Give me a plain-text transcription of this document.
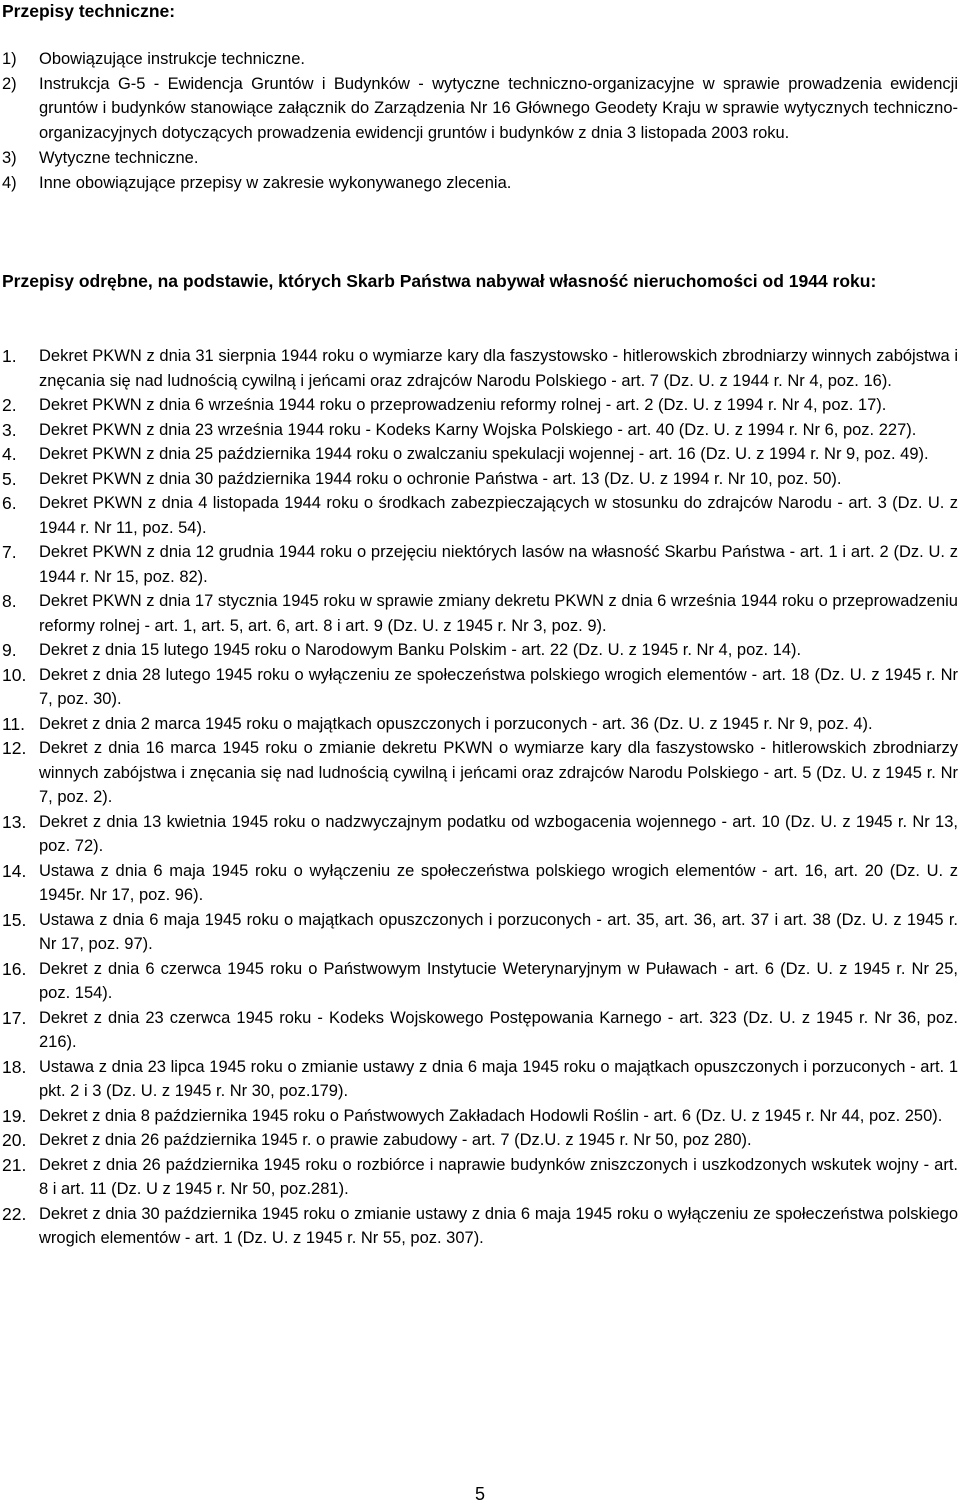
Przepisy techniczne:
1) Obowiązujące instrukcje techniczne.
2) Instrukcja G-5 - Ewidencja Gruntów i Budynków - wytyczne techniczno-organizacyjne w sprawie prowadzenia ewidencji gruntów i budynków stanowiące załącznik do Zarządzenia Nr 16 Głównego Geodety Kraju w sprawie wytycznych techniczno-organizacyjnych dotyczących prowadzenia ewidencji gruntów i budynków z dnia 3 listopada 2003 roku.
3) Wytyczne techniczne.
4) Inne obowiązujące przepisy w zakresie wykonywanego zlecenia.
Przepisy odrębne, na podstawie, których Skarb Państwa nabywał własność nieruchomości od 1944 roku:
1. Dekret PKWN z dnia 31 sierpnia 1944 roku o wymiarze kary dla faszystowsko - hitlerowskich zbrodniarzy winnych zabójstwa i znęcania się nad ludnością cywilną i jeńcami oraz zdrajców Narodu Polskiego - art. 7 (Dz. U. z 1944 r. Nr 4, poz. 16).
2. Dekret PKWN z dnia 6 września 1944 roku o przeprowadzeniu reformy rolnej - art. 2 (Dz. U. z 1994 r. Nr 4, poz. 17).
3. Dekret PKWN z dnia 23 września 1944 roku - Kodeks Karny Wojska Polskiego - art. 40 (Dz. U. z 1994 r. Nr 6, poz. 227).
4. Dekret PKWN z dnia 25 października 1944 roku o zwalczaniu spekulacji wojennej - art. 16 (Dz. U. z 1994 r. Nr 9, poz. 49).
5. Dekret PKWN z dnia 30 października 1944 roku o ochronie Państwa - art. 13 (Dz. U. z 1994 r. Nr 10, poz. 50).
6. Dekret PKWN z dnia 4 listopada 1944 roku o środkach zabezpieczających w stosunku do zdrajców Narodu - art. 3 (Dz. U. z 1944 r. Nr 11, poz. 54).
7. Dekret PKWN z dnia 12 grudnia 1944 roku o przejęciu niektórych lasów na własność Skarbu Państwa - art. 1 i art. 2 (Dz. U. z 1944 r. Nr 15, poz. 82).
8. Dekret PKWN z dnia 17 stycznia 1945 roku w sprawie zmiany dekretu PKWN z dnia 6 września 1944 roku o przeprowadzeniu reformy rolnej - art. 1, art. 5, art. 6, art. 8 i art. 9 (Dz. U. z 1945 r. Nr 3, poz. 9).
9. Dekret z dnia 15 lutego 1945 roku o Narodowym Banku Polskim - art. 22 (Dz. U. z 1945 r. Nr 4, poz. 14).
10. Dekret z dnia 28 lutego 1945 roku o wyłączeniu ze społeczeństwa polskiego wrogich elementów - art. 18 (Dz. U. z 1945 r. Nr 7, poz. 30).
11. Dekret z dnia 2 marca 1945 roku o majątkach opuszczonych i porzuconych - art. 36 (Dz. U. z 1945 r. Nr 9, poz. 4).
12. Dekret z dnia 16 marca 1945 roku o zmianie dekretu PKWN o wymiarze kary dla faszystowsko - hitlerowskich zbrodniarzy winnych zabójstwa i znęcania się nad ludnością cywilną i jeńcami oraz zdrajców Narodu Polskiego - art. 5 (Dz. U. z 1945 r. Nr 7, poz. 2).
13. Dekret z dnia 13 kwietnia 1945 roku o nadzwyczajnym podatku od wzbogacenia wojennego - art. 10 (Dz. U. z 1945 r. Nr 13, poz. 72).
14. Ustawa z dnia 6 maja 1945 roku o wyłączeniu ze społeczeństwa polskiego wrogich elementów - art. 16, art. 20 (Dz. U. z 1945r. Nr 17, poz. 96).
15. Ustawa z dnia 6 maja 1945 roku o majątkach opuszczonych i porzuconych - art. 35, art. 36, art. 37 i art. 38 (Dz. U. z 1945 r. Nr 17, poz. 97).
16. Dekret z dnia 6 czerwca 1945 roku o Państwowym Instytucie Weterynaryjnym w Puławach - art. 6 (Dz. U. z 1945 r. Nr 25, poz. 154).
17. Dekret z dnia 23 czerwca 1945 roku - Kodeks Wojskowego Postępowania Karnego - art. 323 (Dz. U. z 1945 r. Nr 36, poz. 216).
18. Ustawa z dnia 23 lipca 1945 roku o zmianie ustawy z dnia 6 maja 1945 roku o majątkach opuszczonych i porzuconych - art. 1 pkt. 2 i 3 (Dz. U. z 1945 r. Nr 30, poz.179).
19. Dekret z dnia 8 października 1945 roku o Państwowych Zakładach Hodowli Roślin - art. 6 (Dz. U. z 1945 r. Nr 44, poz. 250).
20. Dekret z dnia 26 października 1945 r. o prawie zabudowy - art. 7 (Dz.U. z 1945 r. Nr 50, poz 280).
21. Dekret z dnia 26 października 1945 roku o rozbiórce i naprawie budynków zniszczonych i uszkodzonych wskutek wojny - art. 8 i art. 11 (Dz. U z 1945 r. Nr 50, poz.281).
22. Dekret z dnia 30 października 1945 roku o zmianie ustawy z dnia 6 maja 1945 roku o wyłączeniu ze społeczeństwa polskiego wrogich elementów - art. 1 (Dz. U. z 1945 r. Nr 55, poz. 307).
5
